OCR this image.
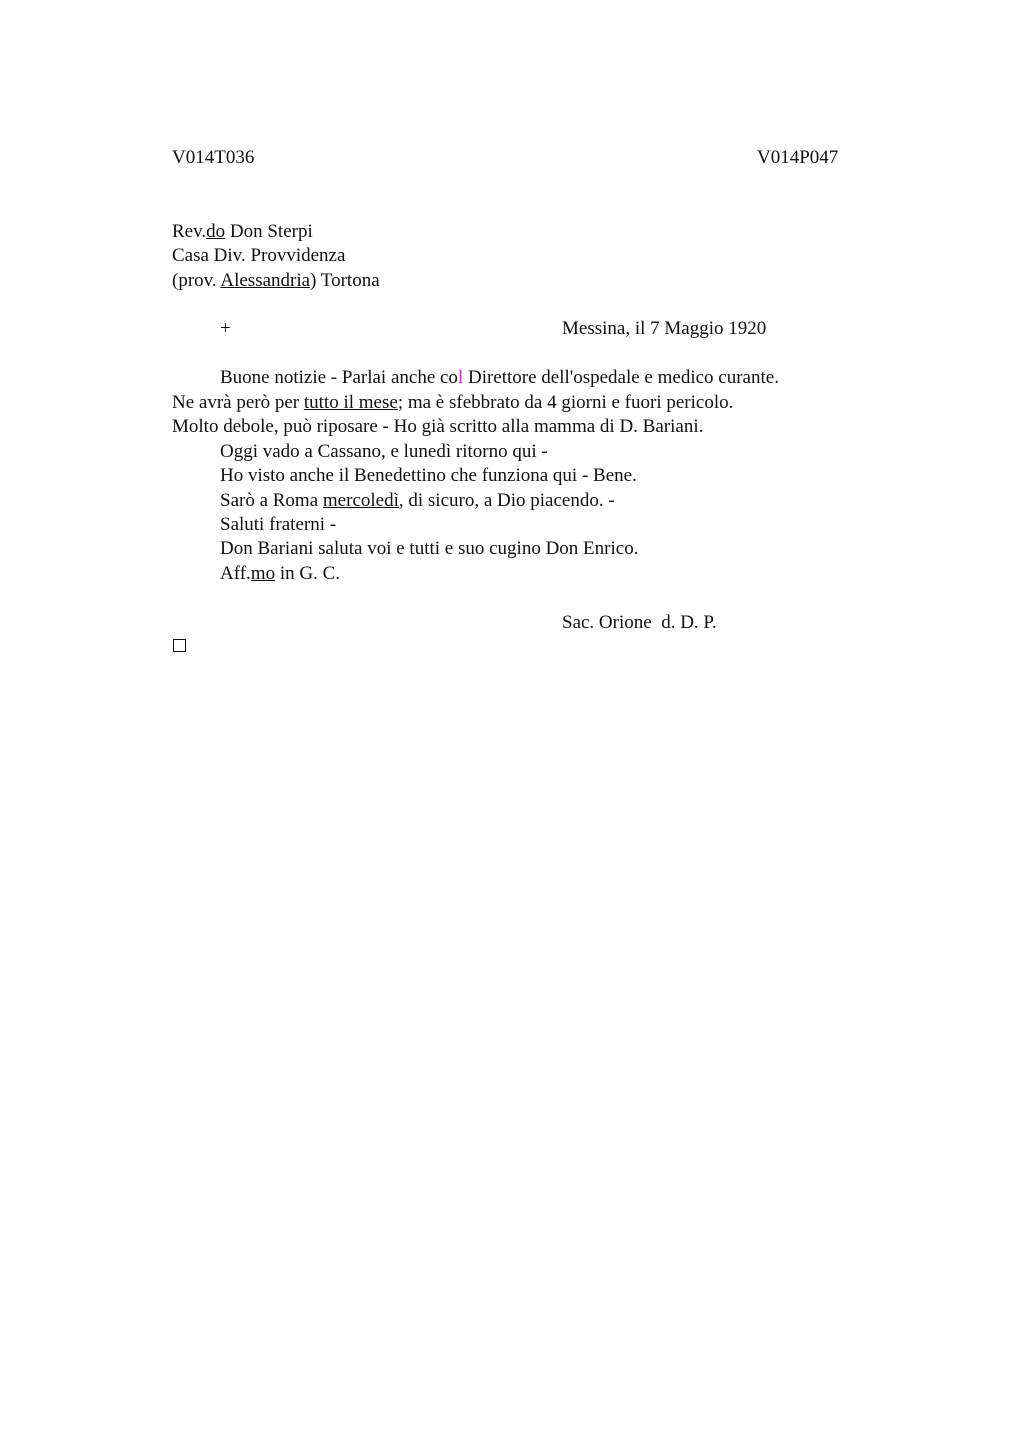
V014T036	V014P047
Rev.do Don Sterpi
Casa Div. Provvidenza
(prov. Alessandria) Tortona
+	Messina, il 7 Maggio 1920
Buone notizie - Parlai anche col Direttore dell'ospedale e medico curante.
Ne avrà però per tutto il mese; ma è sfebbrato da 4 giorni e fuori pericolo.
Molto debole, può riposare - Ho già scritto alla mamma di D. Bariani.
Oggi vado a Cassano, e lunedì ritorno qui -
Ho visto anche il Benedettino che funziona qui - Bene.
Sarò a Roma mercoledì, di sicuro, a Dio piacendo. -
Saluti fraterni -
Don Bariani saluta voi e tutti e suo cugino Don Enrico.
Aff.mo in G. C.
Sac. Orione  d. D. P.
